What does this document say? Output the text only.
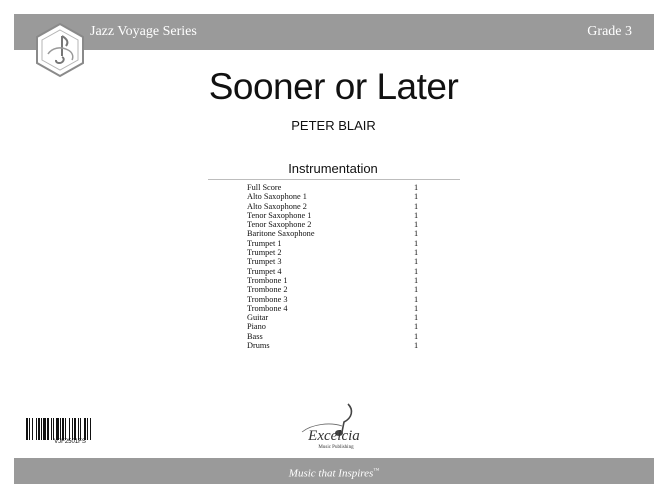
Jazz Voyage Series	Grade 3
Sooner or Later
PETER BLAIR
Instrumentation
Full Score	1
Alto Saxophone 1	1
Alto Saxophone 2	1
Tenor Saxophone 1	1
Tenor Saxophone 2	1
Baritone Saxophone	1
Trumpet 1	1
Trumpet 2	1
Trumpet 3	1
Trumpet 4	1
Trombone 1	1
Trombone 2	1
Trombone 3	1
Trombone 4	1
Guitar	1
Piano	1
Bass	1
Drums	1
VJF2501FS	Excelcia
Music Publishing
Music that Inspires™
